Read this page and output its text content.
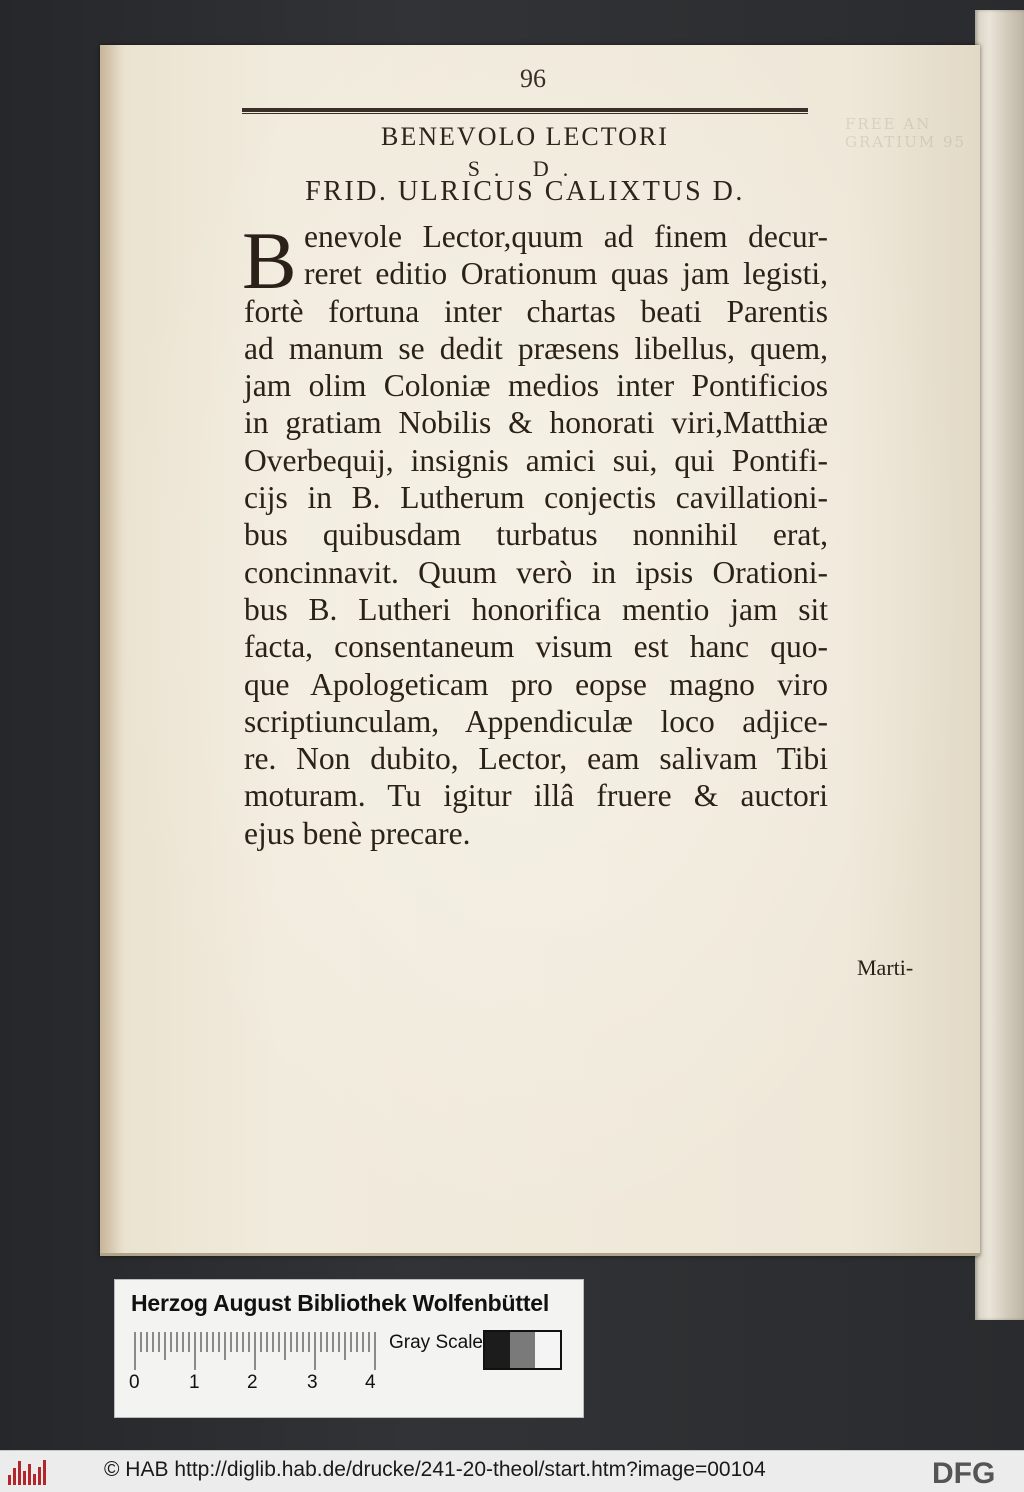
FREE AN GRATIUM 95
96
BENEVOLO LECTORI
S. D.
FRID. ULRICUS CALIXTUS D.
B enevole Lector,quum ad finem decur-
reret editio Orationum quas jam legisti,
fortè fortuna inter chartas beati Parentis
ad manum se dedit præsens libellus, quem,
jam olim Coloniæ medios inter Pontificios
in gratiam Nobilis & honorati viri,Matthiæ
Overbequij, insignis amici sui, qui Pontifi-
cijs in B. Lutherum conjectis cavillationi-
bus quibusdam turbatus nonnihil erat,
concinnavit. Quum verò in ipsis Orationi-
bus B. Lutheri honorifica mentio jam sit
facta, consentaneum visum est hanc quo-
que Apologeticam pro eopse magno viro
scriptiunculam, Appendiculæ loco adjice-
re. Non dubito, Lector, eam salivam Tibi
moturam. Tu igitur illâ fruere & auctori
ejus benè precare.
Marti-
Herzog August Bibliothek Wolfenbüttel
0	1 2	3 4
Gray Scale
© HAB http://diglib.hab.de/drucke/241-20-theol/start.htm?image=00104	DFG
